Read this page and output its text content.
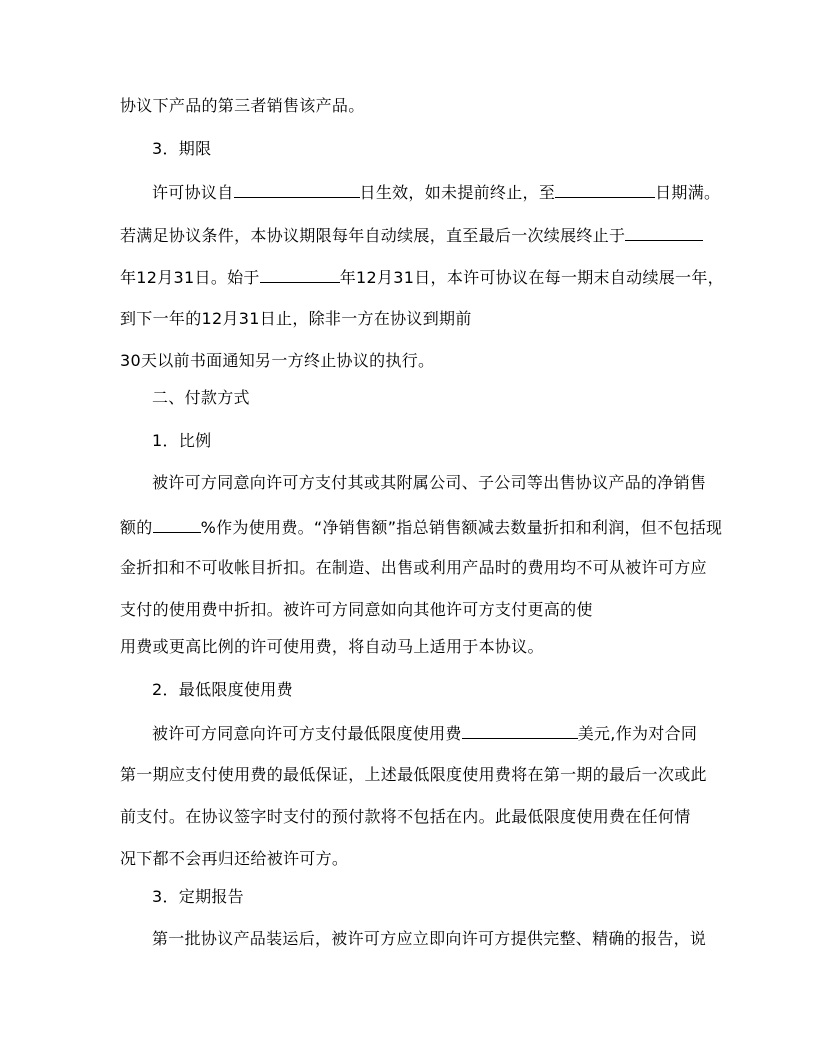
协议下产品的第三者销售该产品。
3．期限
许可协议自	日生效，如未提前终止，至	日期满。
若满足协议条件，本协议期限每年自动续展，直至最后一次续展终止于
年12月31日。始于	年12月31日，本许可协议在每一期末自动续展一年，
到下一年的12月31日止，除非一方在协议到期前
30天以前书面通知另一方终止协议的执行。
二、付款方式
1．比例
被许可方同意向许可方支付其或其附属公司、子公司等出售协议产品的净销售
额的	%作为使用费。“净销售额”指总销售额减去数量折扣和利润，但不包括现
金折扣和不可收帐目折扣。在制造、出售或利用产品时的费用均不可从被许可方应
支付的使用费中折扣。被许可方同意如向其他许可方支付更高的使
用费或更高比例的许可使用费，将自动马上适用于本协议。
2．最低限度使用费
被许可方同意向许可方支付最低限度使用费	美元,作为对合同
第一期应支付使用费的最低保证，上述最低限度使用费将在第一期的最后一次或此
前支付。在协议签字时支付的预付款将不包括在内。此最低限度使用费在任何情
况下都不会再归还给被许可方。
3．定期报告
第一批协议产品装运后，被许可方应立即向许可方提供完整、精确的报告，说
